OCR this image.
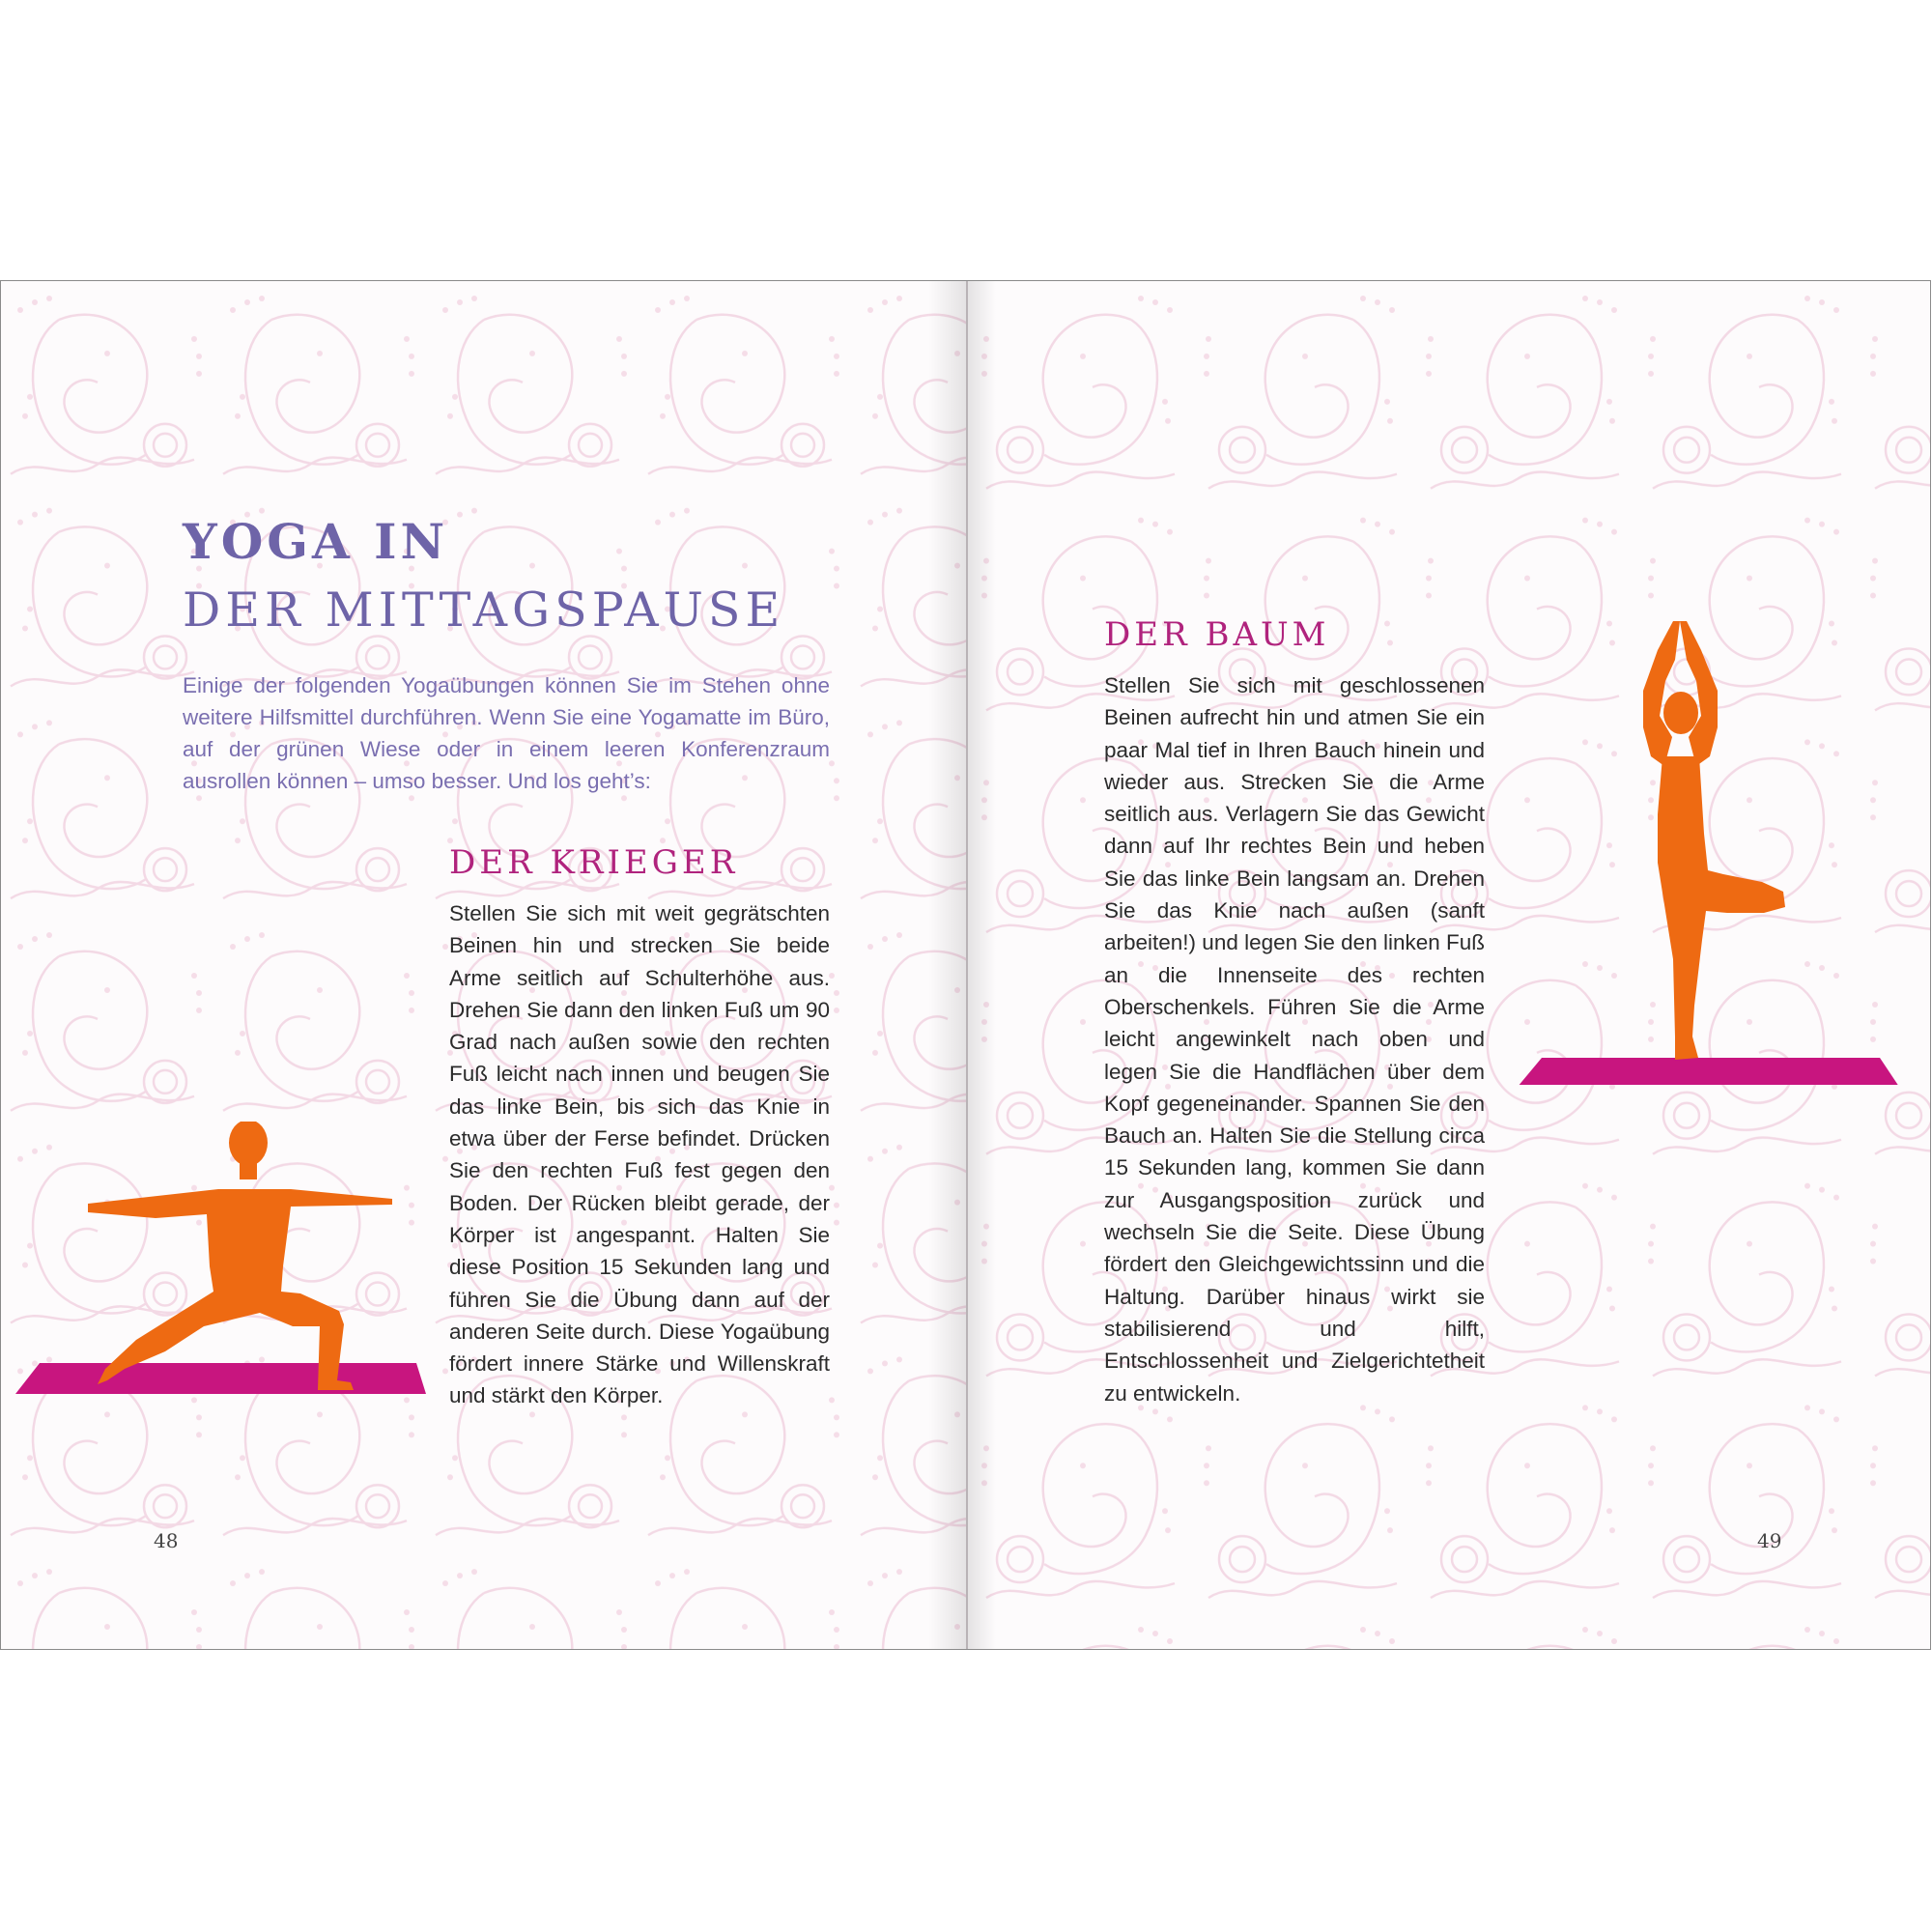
YOGA IN
DER MITTAGSPAUSE

Einige der folgenden Yogaübungen können Sie im Stehen ohne weitere Hilfsmittel durchführen. Wenn Sie eine Yogamatte im Büro, auf der grünen Wiese oder in einem leeren Konferenzraum ausrollen können – umso besser. Und los geht’s:

DER KRIEGER

Stellen Sie sich mit weit gegrätschten Beinen hin und strecken Sie beide Arme seitlich auf Schulterhöhe aus. Drehen Sie dann den linken Fuß um 90 Grad nach außen sowie den rechten Fuß leicht nach innen und beugen Sie das linke Bein, bis sich das Knie in etwa über der Ferse befindet. Drücken Sie den rechten Fuß fest gegen den Boden. Der Rücken bleibt gerade, der Körper ist angespannt. Halten Sie diese Position 15 Sekunden lang und führen Sie die Übung dann auf der anderen Seite durch. Diese Yogaübung fördert innere Stärke und Willenskraft und stärkt den Körper.

48

DER BAUM

Stellen Sie sich mit geschlossenen Beinen aufrecht hin und atmen Sie ein paar Mal tief in Ihren Bauch hinein und wieder aus. Strecken Sie die Arme seitlich aus. Verlagern Sie das Gewicht dann auf Ihr rechtes Bein und heben Sie das linke Bein langsam an. Drehen Sie das Knie nach außen (sanft arbeiten!) und legen Sie den linken Fuß an die Innenseite des rechten Oberschenkels. Führen Sie die Arme leicht angewinkelt nach oben und legen Sie die Handflächen über dem Kopf gegeneinander. Spannen Sie den Bauch an. Halten Sie die Stellung circa 15 Sekunden lang, kommen Sie dann zur Ausgangsposition zurück und wechseln Sie die Seite. Diese Übung fördert den Gleichgewichtssinn und die Haltung. Darüber hinaus wirkt sie stabilisierend und hilft, Entschlossenheit und Zielgerichtetheit zu entwickeln.

49
